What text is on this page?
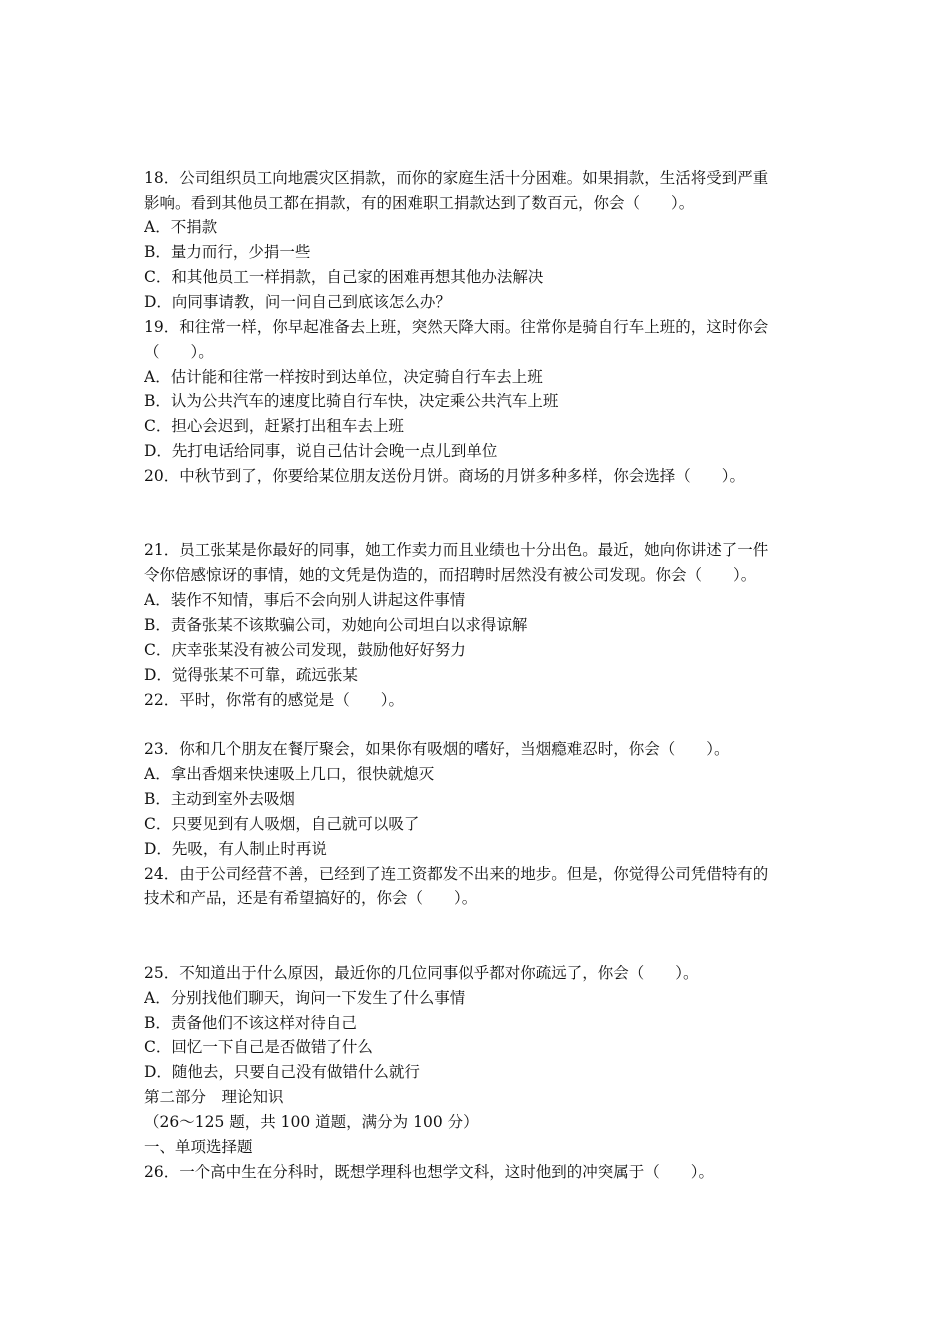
18．公司组织员工向地震灾区捐款，而你的家庭生活十分困难。如果捐款，生活将受到严重
影响。看到其他员工都在捐款，有的困难职工捐款达到了数百元，你会（　　）。
A．不捐款
B．量力而行，少捐一些
C．和其他员工一样捐款，自己家的困难再想其他办法解决
D．向同事请教，问一问自己到底该怎么办？
19．和往常一样，你早起准备去上班，突然天降大雨。往常你是骑自行车上班的，这时你会
（　　）。
A．估计能和往常一样按时到达单位，决定骑自行车去上班
B．认为公共汽车的速度比骑自行车快，决定乘公共汽车上班
C．担心会迟到，赶紧打出租车去上班
D．先打电话给同事，说自己估计会晚一点儿到单位
20．中秋节到了，你要给某位朋友送份月饼。商场的月饼多种多样，你会选择（　　）。
21．员工张某是你最好的同事，她工作卖力而且业绩也十分出色。最近，她向你讲述了一件
令你倍感惊讶的事情，她的文凭是伪造的，而招聘时居然没有被公司发现。你会（　　）。
A．装作不知情，事后不会向别人讲起这件事情
B．责备张某不该欺骗公司，劝她向公司坦白以求得谅解
C．庆幸张某没有被公司发现，鼓励他好好努力
D．觉得张某不可靠，疏远张某
22．平时，你常有的感觉是（　　）。
23．你和几个朋友在餐厅聚会，如果你有吸烟的嗜好，当烟瘾难忍时，你会（　　）。
A．拿出香烟来快速吸上几口，很快就熄灭
B．主动到室外去吸烟
C．只要见到有人吸烟，自己就可以吸了
D．先吸，有人制止时再说
24．由于公司经营不善，已经到了连工资都发不出来的地步。但是，你觉得公司凭借特有的
技术和产品，还是有希望搞好的，你会（　　）。
25．不知道出于什么原因，最近你的几位同事似乎都对你疏远了，你会（　　）。
A．分别找他们聊天，询问一下发生了什么事情
B．责备他们不该这样对待自己
C．回忆一下自己是否做错了什么
D．随他去，只要自己没有做错什么就行
第二部分　理论知识
（26～125 题，共 100 道题，满分为 100 分）
一、单项选择题
26．一个高中生在分科时，既想学理科也想学文科，这时他到的冲突属于（　　）。
